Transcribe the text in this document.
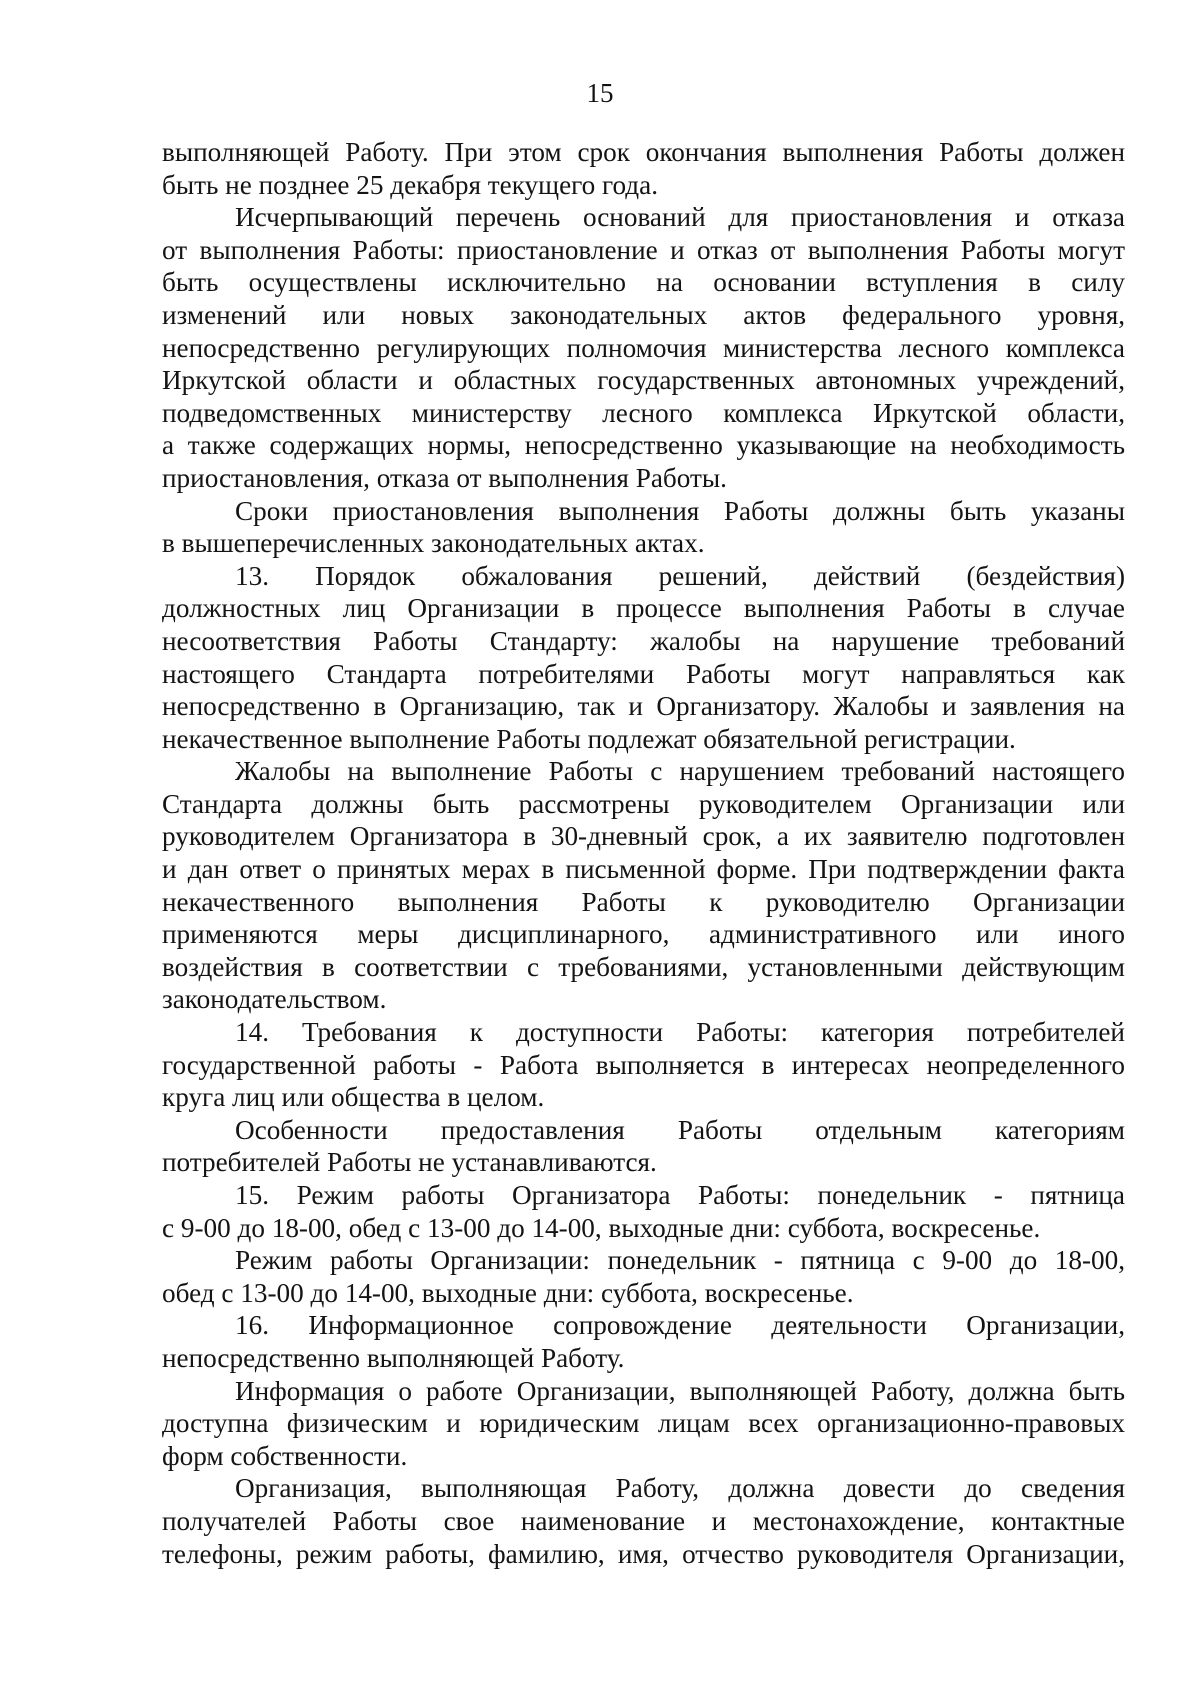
15
выполняющей Работу. При этом срок окончания выполнения Работы должен
быть не позднее 25 декабря текущего года.
Исчерпывающий перечень оснований для приостановления и отказа
от выполнения Работы: приостановление и отказ от выполнения Работы могут
быть осуществлены исключительно на основании вступления в силу
изменений или новых законодательных актов федерального уровня,
непосредственно регулирующих полномочия министерства лесного комплекса
Иркутской области и областных государственных автономных учреждений,
подведомственных министерству лесного комплекса Иркутской области,
а также содержащих нормы, непосредственно указывающие на необходимость
приостановления, отказа от выполнения Работы.
Сроки приостановления выполнения Работы должны быть указаны
в вышеперечисленных законодательных актах.
13. Порядок обжалования решений, действий (бездействия)
должностных лиц Организации в процессе выполнения Работы в случае
несоответствия Работы Стандарту: жалобы на нарушение требований
настоящего Стандарта потребителями Работы могут направляться как
непосредственно в Организацию, так и Организатору. Жалобы и заявления на
некачественное выполнение Работы подлежат обязательной регистрации.
Жалобы на выполнение Работы с нарушением требований настоящего
Стандарта должны быть рассмотрены руководителем Организации или
руководителем Организатора в 30-дневный срок, а их заявителю подготовлен
и дан ответ о принятых мерах в письменной форме. При подтверждении факта
некачественного выполнения Работы к руководителю Организации
применяются меры дисциплинарного, административного или иного
воздействия в соответствии с требованиями, установленными действующим
законодательством.
14. Требования к доступности Работы: категория потребителей
государственной работы - Работа выполняется в интересах неопределенного
круга лиц или общества в целом.
Особенности предоставления Работы отдельным категориям
потребителей Работы не устанавливаются.
15. Режим работы Организатора Работы: понедельник - пятница
с 9-00 до 18-00, обед с 13-00 до 14-00, выходные дни: суббота, воскресенье.
Режим работы Организации: понедельник - пятница с 9-00 до 18-00,
обед с 13-00 до 14-00, выходные дни: суббота, воскресенье.
16. Информационное сопровождение деятельности Организации,
непосредственно выполняющей Работу.
Информация о работе Организации, выполняющей Работу, должна быть
доступна физическим и юридическим лицам всех организационно-правовых
форм собственности.
Организация, выполняющая Работу, должна довести до сведения
получателей Работы свое наименование и местонахождение, контактные
телефоны, режим работы, фамилию, имя, отчество руководителя Организации,
